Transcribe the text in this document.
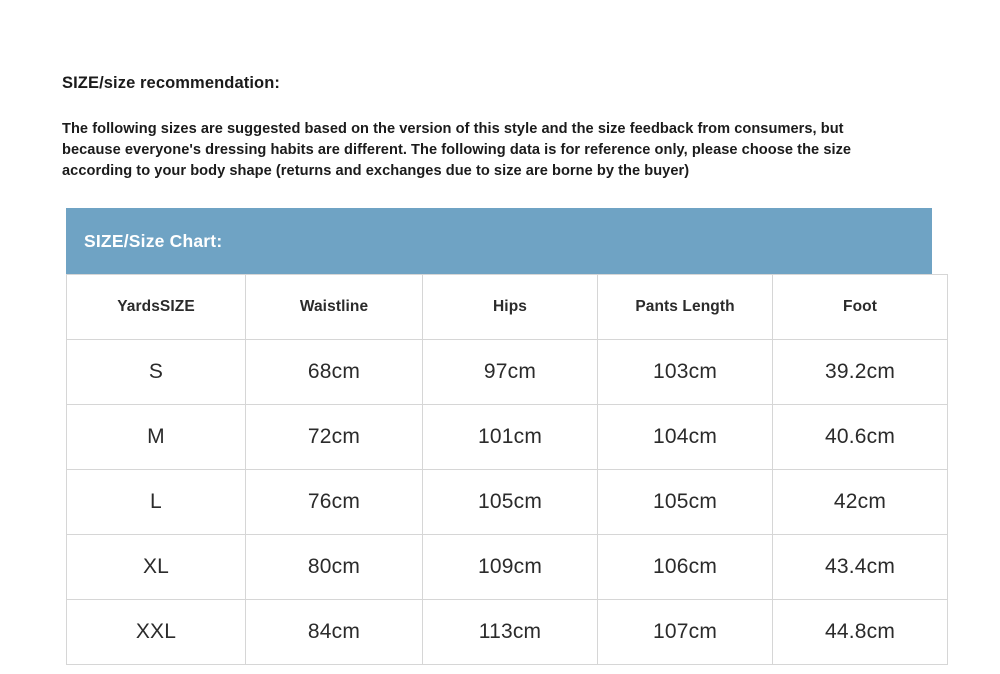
SIZE/size recommendation:
The following sizes are suggested based on the version of this style and the size feedback from consumers, but because everyone's dressing habits are different. The following data is for reference only, please choose the size according to your body shape (returns and exchanges due to size are borne by the buyer)
SIZE/Size Chart:
YardsSIZE	Waistline	Hips	Pants Length	Foot
S	68cm	97cm	103cm	39.2cm
M	72cm	101cm	104cm	40.6cm
L	76cm	105cm	105cm	42cm
XL	80cm	109cm	106cm	43.4cm
XXL	84cm	113cm	107cm	44.8cm
